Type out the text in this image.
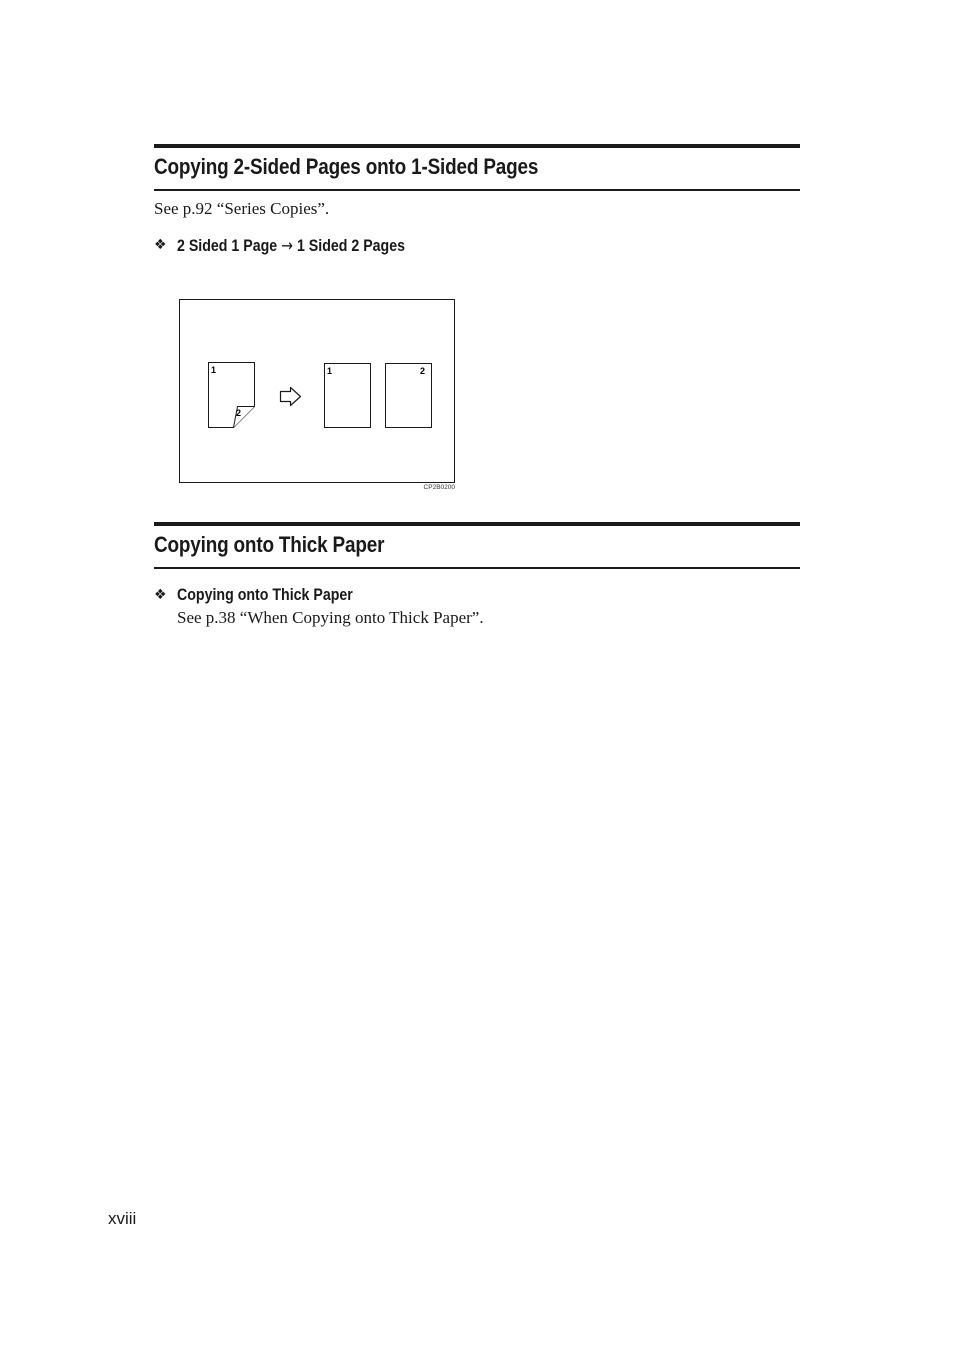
Copying 2-Sided Pages onto 1-Sided Pages
See p.92 “Series Copies”.
❖ 2 Sided 1 Page → 1 Sided 2 Pages
1
2
1	2
CP2B0200
Copying onto Thick Paper
❖ Copying onto Thick Paper
See p.38 “When Copying onto Thick Paper”.
xviii
